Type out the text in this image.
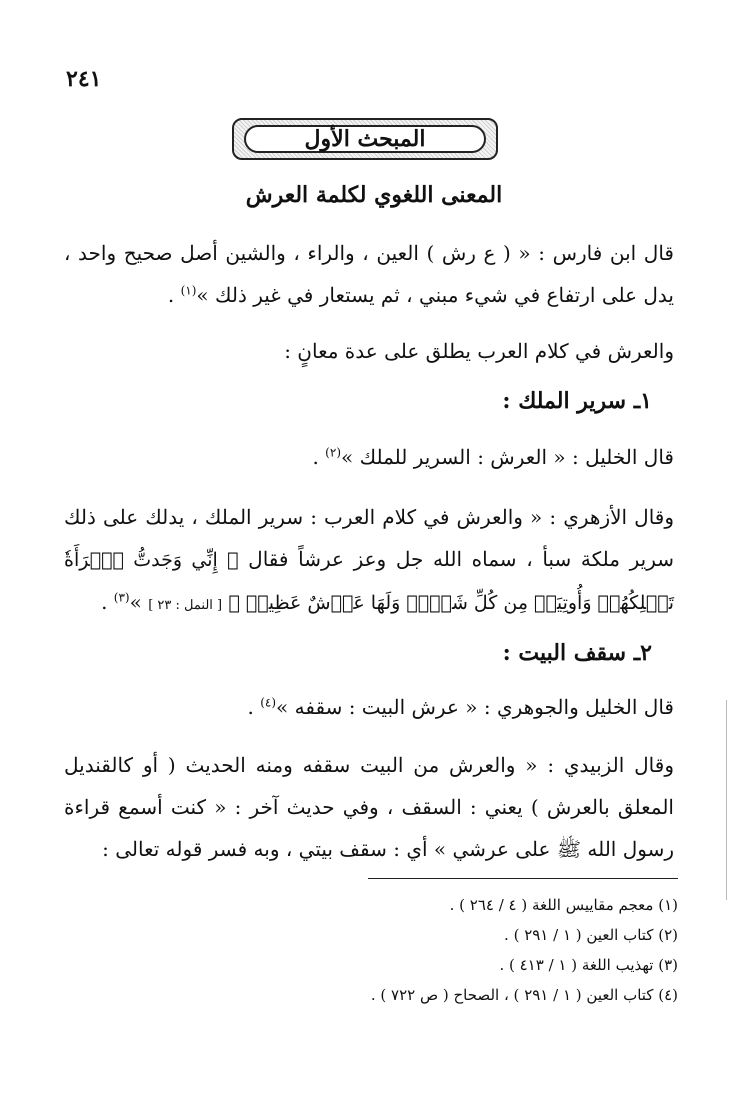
٢٤١
المبحث الأول
المعنى اللغوي لكلمة العرش
قال ابن فارس : « ( ع رش ) العين ، والراء ، والشين أصل صحيح واحد ، يدل على ارتفاع في شيء مبني ، ثم يستعار في غير ذلك »$^{(١)}$ .
والعرش في كلام العرب يطلق على عدة معانٍ :
١ـ سرير الملك :
قال الخليل : « العرش : السرير للملك »$^{(٢)}$ .
وقال الأزهري : « والعرش في كلام العرب : سرير الملك ، يدلك على ذلك سرير ملكة سبأ ، سماه الله جل وعز عرشاً فقال ﴿ إِنِّي وَجَدتُّ ٱمۡرَأَةٗ تَمۡلِكُهُمۡ وَأُوتِيَتۡ مِن كُلِّ شَيۡءٖ وَلَهَا عَرۡشٌ عَظِيمٞ ﴾ [ النمل : ٢٣ ] »$^{(٣)}$ .
٢ـ سقف البيت :
قال الخليل والجوهري : « عرش البيت : سقفه »$^{(٤)}$ .
وقال الزبيدي : « والعرش من البيت سقفه ومنه الحديث ( أو كالقنديل المعلق بالعرش ) يعني : السقف ، وفي حديث آخر : « كنت أسمع قراءة رسول الله ﷺ على عرشي » أي : سقف بيتي ، وبه فسر قوله تعالى :
(١) معجم مقاييس اللغة ( ٤ / ٢٦٤ ) .
(٢) كتاب العين ( ١ / ٢٩١ ) .
(٣) تهذيب اللغة ( ١ / ٤١٣ ) .
(٤) كتاب العين ( ١ / ٢٩١ ) ، الصحاح ( ص ٧٢٢ ) .
